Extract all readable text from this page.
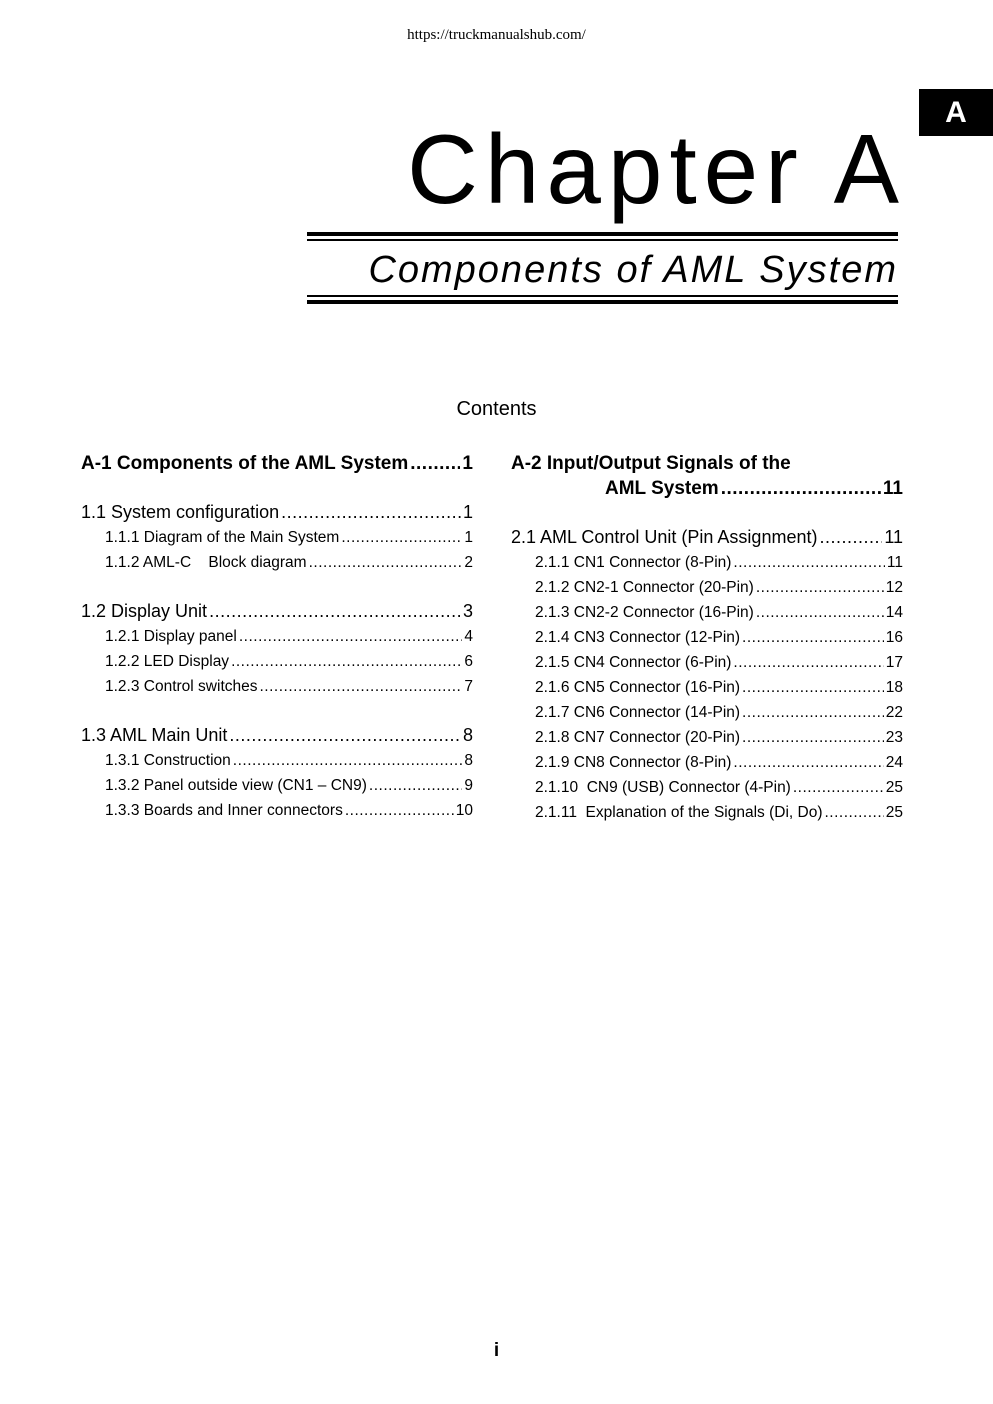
https://truckmanualshub.com/
A
Chapter A
Components of AML System
Contents
A-1 Components of the AML System .....	1
1.1 System configuration .....	1
1.1.1 Diagram of the Main System .....	1
1.1.2 AML-C    Block diagram .....	2
1.2 Display Unit .....	3
1.2.1 Display panel .....	4
1.2.2 LED Display .....	6
1.2.3 Control switches .....	7
1.3 AML Main Unit .....	8
1.3.1 Construction .....	8
1.3.2 Panel outside view (CN1 – CN9) .....	9
1.3.3 Boards and Inner connectors .....	10
A-2 Input/Output Signals of the
AML System .....	11
2.1 AML Control Unit (Pin Assignment) .....	11
2.1.1 CN1 Connector (8-Pin) .....	11
2.1.2 CN2-1 Connector (20-Pin) .....	12
2.1.3 CN2-2 Connector (16-Pin) .....	14
2.1.4 CN3 Connector (12-Pin) .....	16
2.1.5 CN4 Connector (6-Pin) .....	17
2.1.6 CN5 Connector (16-Pin) .....	18
2.1.7 CN6 Connector (14-Pin) .....	22
2.1.8 CN7 Connector (20-Pin) .....	23
2.1.9 CN8 Connector (8-Pin) .....	24
2.1.10  CN9 (USB) Connector (4-Pin) .....	25
2.1.11  Explanation of the Signals (Di, Do) .....	25
i
